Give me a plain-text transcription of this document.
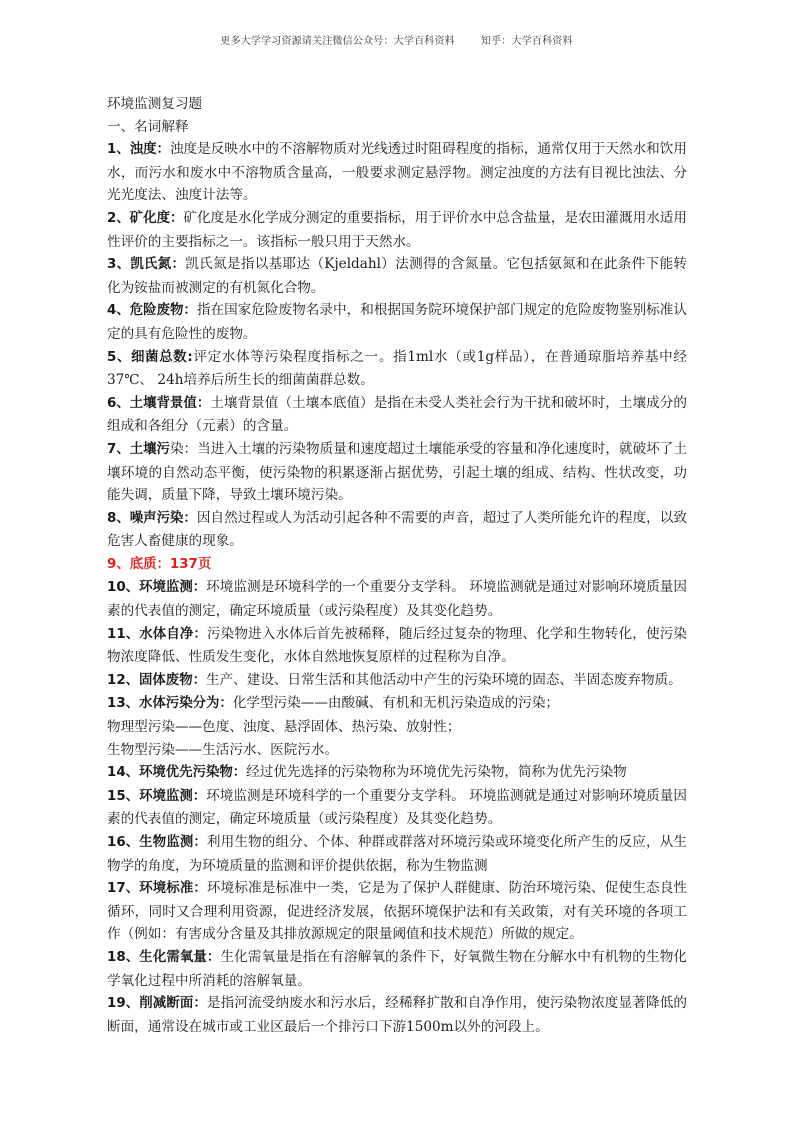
更多大学学习资源请关注微信公众号：大学百科资料	知乎：大学百科资料

环境监测复习题

一、名词解释

1、浊度：浊度是反映水中的不溶解物质对光线透过时阻碍程度的指标，通常仅用于天然水和饮用水，而污水和废水中不溶物质含量高，一般要求测定悬浮物。测定浊度的方法有目视比浊法、分光光度法、浊度计法等。

2、矿化度：矿化度是水化学成分测定的重要指标，用于评价水中总含盐量，是农田灌溉用水适用性评价的主要指标之一。该指标一般只用于天然水。

3、凯氏氮：凯氏氮是指以基耶达（Kjeldahl）法测得的含氮量。它包括氨氮和在此条件下能转化为铵盐而被测定的有机氮化合物。

4、危险废物：指在国家危险废物名录中，和根据国务院环境保护部门规定的危险废物鉴别标准认定的具有危险性的废物。

5、细菌总数:评定水体等污染程度指标之一。指1ml水（或1g样品），在普通琼脂培养基中经37℃、 24h培养后所生长的细菌菌群总数。

6、土壤背景值：土壤背景值（土壤本底值）是指在未受人类社会行为干扰和破坏时，土壤成分的组成和各组分（元素）的含量。

7、土壤污染：当进入土壤的污染物质量和速度超过土壤能承受的容量和净化速度时，就破坏了土壤环境的自然动态平衡，使污染物的积累逐渐占据优势，引起土壤的组成、结构、性状改变，功能失调，质量下降，导致土壤环境污染。

8、噪声污染：因自然过程或人为活动引起各种不需要的声音，超过了人类所能允许的程度，以致危害人畜健康的现象。

9、底质：137页

10、环境监测：环境监测是环境科学的一个重要分支学科。 环境监测就是通过对影响环境质量因素的代表值的测定，确定环境质量（或污染程度）及其变化趋势。

11、水体自净：污染物进入水体后首先被稀释，随后经过复杂的物理、化学和生物转化，使污染物浓度降低、性质发生变化，水体自然地恢复原样的过程称为自净。

12、固体废物：生产、建设、日常生活和其他活动中产生的污染环境的固态、半固态废弃物质。

13、水体污染分为：化学型污染——由酸碱、有机和无机污染造成的污染；

物理型污染——色度、浊度、悬浮固体、热污染、放射性；

生物型污染——生活污水、医院污水。

14、环境优先污染物：经过优先选择的污染物称为环境优先污染物，简称为优先污染物

15、环境监测：环境监测是环境科学的一个重要分支学科。 环境监测就是通过对影响环境质量因素的代表值的测定，确定环境质量（或污染程度）及其变化趋势。

16、生物监测：利用生物的组分、个体、种群或群落对环境污染或环境变化所产生的反应，从生物学的角度，为环境质量的监测和评价提供依据，称为生物监测

17、环境标准：环境标准是标准中一类，它是为了保护人群健康、防治环境污染、促使生态良性循环，同时又合理利用资源，促进经济发展，依据环境保护法和有关政策，对有关环境的各项工作（例如：有害成分含量及其排放源规定的限量阈值和技术规范）所做的规定。

18、生化需氧量：生化需氧量是指在有溶解氧的条件下，好氧微生物在分解水中有机物的生物化学氧化过程中所消耗的溶解氧量。

19、削减断面：是指河流受纳废水和污水后，经稀释扩散和自净作用，使污染物浓度显著降低的断面，通常设在城市或工业区最后一个排污口下游1500m以外的河段上。
